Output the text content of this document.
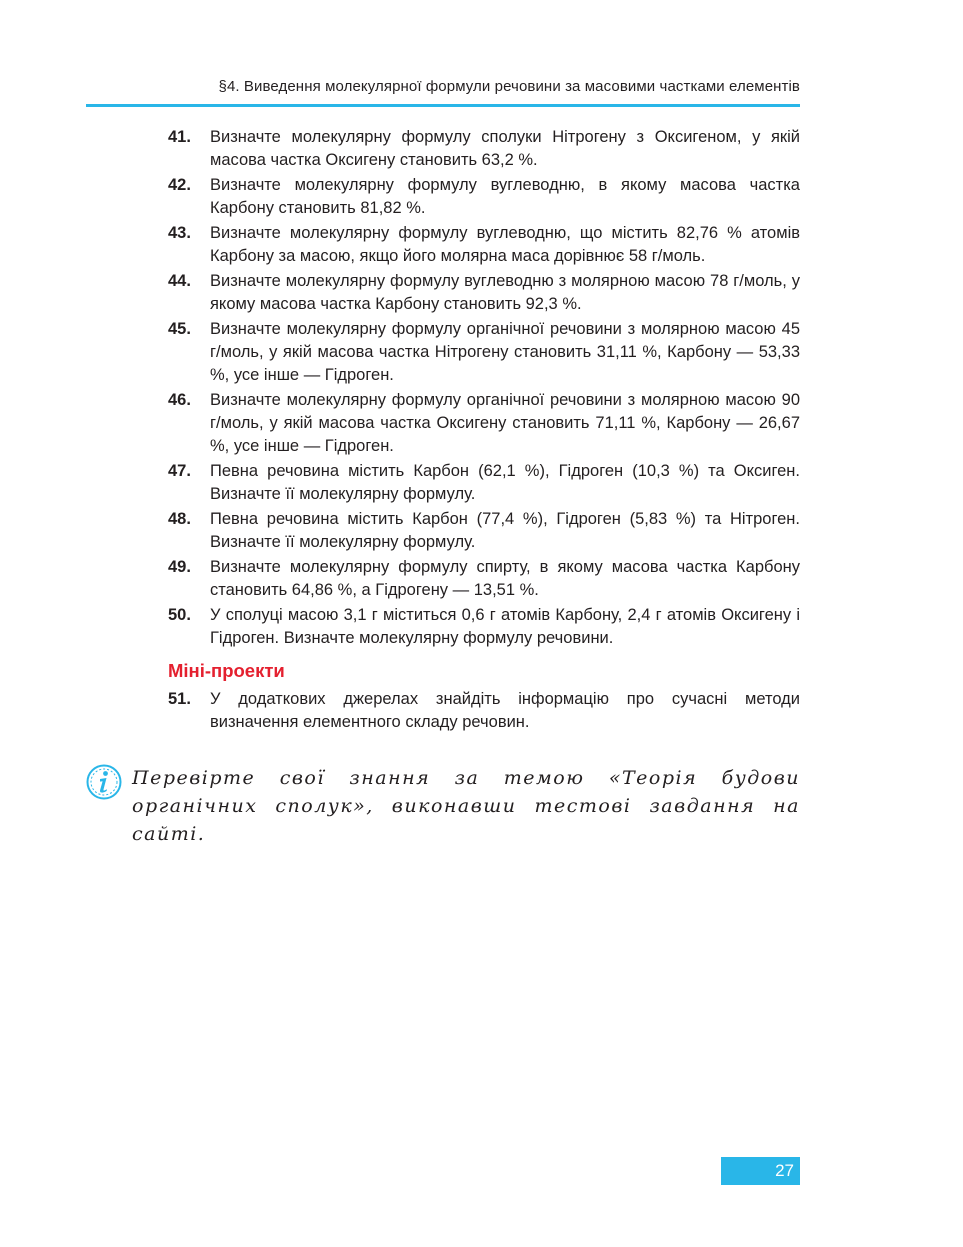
§4. Виведення молекулярної формули речовини за масовими частками елементів
41.	Визначте молекулярну формулу сполуки Нітрогену з Оксигеном, у якій масова частка Оксигену становить 63,2 %.
42.	Визначте молекулярну формулу вуглеводню, в якому масова частка Карбону становить 81,82 %.
43.	Визначте молекулярну формулу вуглеводню, що містить 82,76 % атомів Карбону за масою, якщо його молярна маса дорівнює 58 г/моль.
44.	Визначте молекулярну формулу вуглеводню з молярною масою 78 г/моль, у якому масова частка Карбону становить 92,3 %.
45.	Визначте молекулярну формулу органічної речовини з молярною масою 45 г/моль, у якій масова частка Нітрогену становить 31,11 %, Карбону — 53,33 %, усе інше — Гідроген.
46.	Визначте молекулярну формулу органічної речовини з молярною масою 90 г/моль, у якій масова частка Оксигену становить 71,11 %, Карбону — 26,67 %, усе інше — Гідроген.
47.	Певна речовина містить Карбон (62,1 %), Гідроген (10,3 %) та Оксиген. Визначте її молекулярну формулу.
48.	Певна речовина містить Карбон (77,4 %), Гідроген (5,83 %) та Нітроген. Визначте її молекулярну формулу.
49.	Визначте молекулярну формулу спирту, в якому масова частка Карбону становить 64,86 %, а Гідрогену — 13,51 %.
50.	У сполуці масою 3,1 г міститься 0,6 г атомів Карбону, 2,4 г атомів Оксигену і Гідроген. Визначте молекулярну формулу речовини.
Міні-проекти
51.	У додаткових джерелах знайдіть інформацію про сучасні методи визначення елементного складу речовин.
Перевірте свої знання за темою «Теорія будови органічних сполук», виконавши тестові завдання на сайті.
27
